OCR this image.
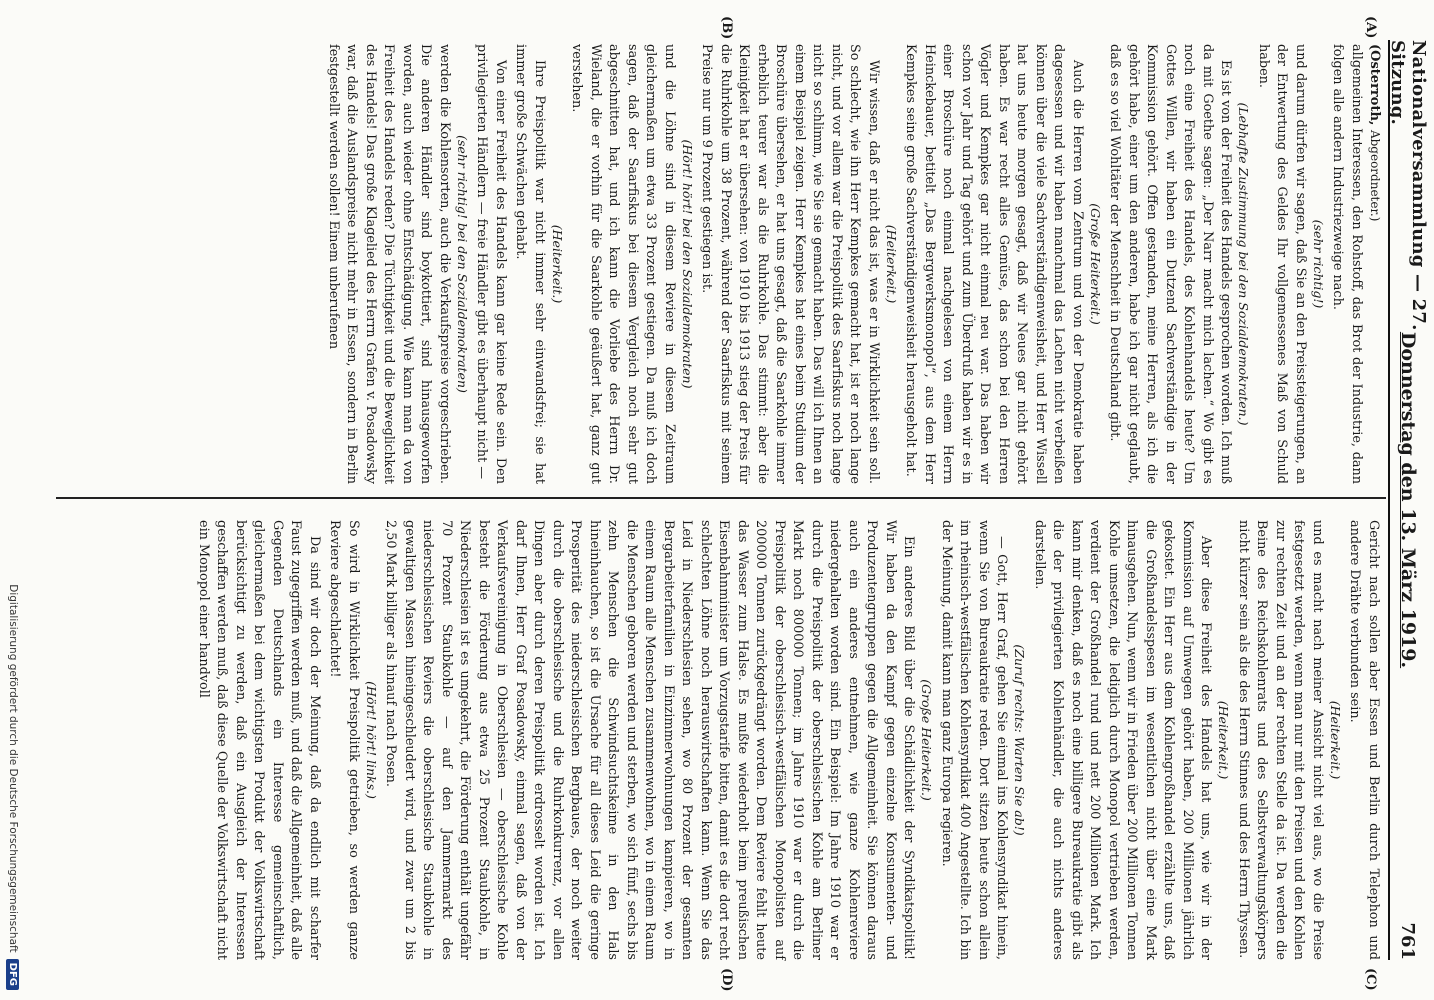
Nationalversammlung — 27. Sitzung.
Donnerstag den 13. März 1919.
761
(A)
(B)
(C)
(D)
(Osterroth, Abgeordneter.)

allgemeinen Interessen, den Rohstoff, das Brot der Industrie, dann folgen alle andern Industriezweige nach.

(sehr richtig!)

und darum dürfen wir sagen, daß Sie an den Preissteigerungen, an der Entwertung des Geldes Ihr vollgemessenes Maß von Schuld haben.

(Lebhafte Zustimmung bei den Sozialdemokraten.)

Es ist von der Freiheit des Handels gesprochen worden. Ich muß da mit Goethe sagen: „Der Narr macht mich lachen.“ Wo gibt es noch eine Freiheit des Handels, des Kohlenhandels heute? Um Gottes Willen, wir haben ein Dutzend Sachverständige in der Kommission gehört. Offen gestanden, meine Herren, als ich die gehört habe, einer um den anderen, habe ich gar nicht geglaubt, daß es so viel Wohltäter der Menschheit in Deutschland gibt.

(Große Heiterkeit.)

Auch die Herren vom Zentrum und von der Demokratie haben dagesessen und wir haben manchmal das Lachen nicht verbeißen können über die viele Sachverständigenweisheit, und Herr Wissell hat uns heute morgen gesagt, daß wir Neues gar nicht gehört haben. Es war recht alles Gemüse, das schon bei den Herren Vögler und Kempkes gar nicht einmal neu war. Das haben wir schon vor Jahr und Tag gehört und zum Überdruß haben wir es in einer Broschüre noch einmal nachgelesen von einem Herrn Heinckebauer, betitelt „Das Bergwerksmonopol“, aus dem Herr Kempkes seine große Sachverständigenweisheit herausgeholt hat.

(Heiterkeit.)

Wir wissen, daß er nicht das ist, was er in Wirklichkeit sein soll. So schlecht, wie ihn Herr Kempkes gemacht hat, ist er noch lange nicht, und vor allem war die Preispolitik des Saarfiskus noch lange nicht so schlimm, wie Sie sie gemacht haben. Das will ich Ihnen an einem Beispiel zeigen. Herr Kempkes hat eines beim Studium der Broschüre übersehen, er hat uns gesagt, daß die Saarkohle immer erheblich teurer war als die Ruhrkohle. Das stimmt: aber die Kleinigkeit hat er übersehen: von 1910 bis 1913 stieg der Preis für die Ruhrkohle um 38 Prozent, während der Saarfiskus mit seinem Preise nur um 9 Prozent gestiegen ist.

(Hört! hört! bei den Sozialdemokraten)

und die Löhne sind in diesem Reviere in diesem Zeitraum gleichermaßen um etwa 33 Prozent gestiegen. Da muß ich doch sagen, daß der Saarfiskus bei diesem Vergleich noch sehr gut abgeschnitten hat, und ich kann die Vorliebe des Herrn Dr. Wieland, die er vorhin für die Saarkohle geäußert hat, ganz gut verstehen.

(Heiterkeit.)

Ihre Preispolitik war nicht immer sehr einwandsfrei; sie hat immer große Schwächen gehabt.

Von einer Freiheit des Handels kann gar keine Rede sein. Den privilegierten Händlern — freie Händler gibt es überhaupt nicht —

(sehr richtig! bei den Sozialdemokraten)

werden die Kohlensorten, auch die Verkaufspreise vorgeschrieben. Die anderen Händler sind boykottiert, sind hinausgeworfen worden, auch wieder ohne Entschädigung. Wie kann man da von Freiheit des Handels reden? Die Tüchtigkeit und die Beweglichkeit des Handels! Das große Klagelied des Herrn Grafen v. Posadowsky war, daß die Auslandspreise nicht mehr in Essen, sondern in Berlin festgestellt werden sollen! Einem unberufenen

Gericht nach sollen aber Essen und Berlin durch Telephon und andere Drähte verbunden sein.

(Heiterkeit.)

und es macht nach meiner Ansicht nicht viel aus, wo die Preise festgesetzt werden, wenn man nur mit den Preisen und den Kohlen zur rechten Zeit und an der rechten Stelle da ist. Da werden die Beine des Reichskohlenrats und des Selbstverwaltungskörpers nicht kürzer sein als die des Herrn Stinnes und des Herrn Thyssen.

(Heiterkeit.)

Aber diese Freiheit des Handels hat uns, wie wir in der Kommission auf Umwegen gehört haben, 200 Millionen jährlich gekostet. Ein Herr aus dem Kohlengroßhandel erzählte uns, daß die Großhandelsspesen im wesentlichen nicht über eine Mark hinausgehen. Nun, wenn wir in Frieden über 200 Millionen Tonnen Kohle umsetzen, die lediglich durch Monopol vertrieben werden, verdient der Großhandel rund und nett 200 Millionen Mark. Ich kann mir denken, daß es noch eine billigere Bureaukratie gibt als die der privilegierten Kohlenhändler, die auch nichts anderes darstellen.

(Zuruf rechts: Warten Sie ab!)

— Gott, Herr Graf, gehen Sie einmal ins Kohlensyndikat hinein, wenn Sie von Bureaukratie reden. Dort sitzen heute schon allein im rheinisch-westfälischen Kohlensyndikat 400 Angestellte. Ich bin der Meinung, damit kann man ganz Europa regieren.

(Große Heiterkeit.)

Ein anderes Bild über die Schädlichkeit der Syndikatspolitik! Wir haben da den Kampf gegen einzelne Konsumenten- und Produzentengruppen gegen die Allgemeinheit. Sie können daraus auch ein anderes entnehmen, wie ganze Kohlenreviere niedergehalten worden sind. Ein Beispiel: Im Jahre 1910 war er durch die Preispolitik der oberschlesischen Kohle am Berliner Markt noch 800000 Tonnen; im Jahre 1910 war er durch die Preispolitik der oberschlesisch-westfälischen Monopolisten auf 200000 Tonnen zurückgedrängt worden. Dem Reviere fehlt heute das Wasser zum Halse. Es mußte wiederholt beim preußischen Eisenbahnminister um Vorzugstarife bitten, damit es die dort recht schlechten Löhne noch herauswirtschaften kann. Wenn Sie das Leid in Niederschlesien sehen, wo 80 Prozent der gesamten Bergarbeiterfamilien in Einzimmerwohnungen kampieren, wo in einem Raum alle Menschen zusammenwohnen, wo in einem Raum die Menschen geboren werden und sterben, wo sich fünf, sechs bis zehn Menschen die Schwindsuchtskeime in den Hals hineinhauchen, so ist die Ursache für all dieses Leid die geringe Prosperität des niederschlesischen Bergbaues, der noch weiter durch die oberschlesische und die Ruhrkonkurrenz, vor allen Dingen aber durch deren Preispolitik erdrosselt worden ist. Ich darf Ihnen, Herr Graf Posadowsky, einmal sagen, daß von der Verkaufsvereinigung in Oberschlesien — oberschlesische Kohle besteht die Förderung aus etwa 25 Prozent Staubkohle, in Niederschlesien ist es umgekehrt, die Förderung enthält ungefähr 70 Prozent Staubkohle — auf den Jammermarkt des niederschlesischen Reviers die oberschlesische Staubkohle in gewaltigen Massen hineingeschleudert wird, und zwar um 2 bis 2,50 Mark billiger als hinauf nach Posen.

(Hört! hört! links.)

So wird in Wirklichkeit Preispolitik getrieben, so werden ganze Reviere abgeschlachtet!

Da sind wir doch der Meinung, daß da endlich mit scharfer Faust zugegriffen werden muß, und daß die Allgemeinheit, daß alle Gegenden Deutschlands ein Interesse gemeinschaftlich, gleichermaßen bei dem wichtigsten Produkt der Volkswirtschaft berücksichtigt zu werden, daß ein Ausgleich der Interessen geschaffen werden muß, daß diese Quelle der Volkswirtschaft nicht ein Monopol einer handvoll

Digitalisierung gefördert durch die Deutsche Forschungsgemeinschaft
DFG
